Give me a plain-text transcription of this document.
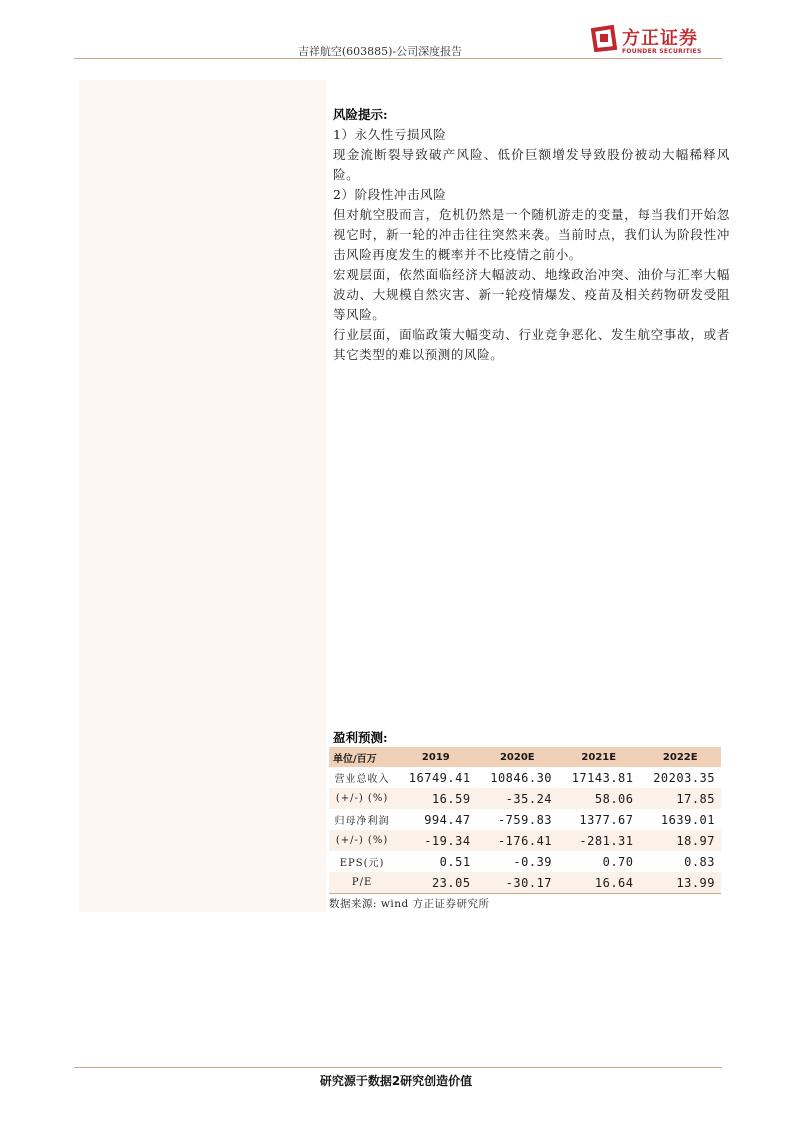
吉祥航空(603885)-公司深度报告
方正证券
FOUNDER SECURITIES

风险提示:

1）永久性亏损风险

现金流断裂导致破产风险、低价巨额增发导致股份被动大幅稀释风险。

2）阶段性冲击风险

但对航空股而言，危机仍然是一个随机游走的变量，每当我们开始忽视它时，新一轮的冲击往往突然来袭。当前时点，我们认为阶段性冲击风险再度发生的概率并不比疫情之前小。

宏观层面，依然面临经济大幅波动、地缘政治冲突、油价与汇率大幅波动、大规模自然灾害、新一轮疫情爆发、疫苗及相关药物研发受阻等风险。

行业层面，面临政策大幅变动、行业竞争恶化、发生航空事故，或者其它类型的难以预测的风险。

盈利预测:
单位/百万	2019	2020E	2021E	2022E
营业总收入	16749.41	10846.30	17143.81	20203.35
(+/-) (%)	16.59	-35.24	58.06	17.85
归母净利润	994.47	-759.83	1377.67	1639.01
(+/-) (%)	-19.34	-176.41	-281.31	18.97
EPS(元)	0.51	-0.39	0.70	0.83
P/E	23.05	-30.17	16.64	13.99
数据来源: wind 方正证券研究所
研究源于数据2研究创造价值
